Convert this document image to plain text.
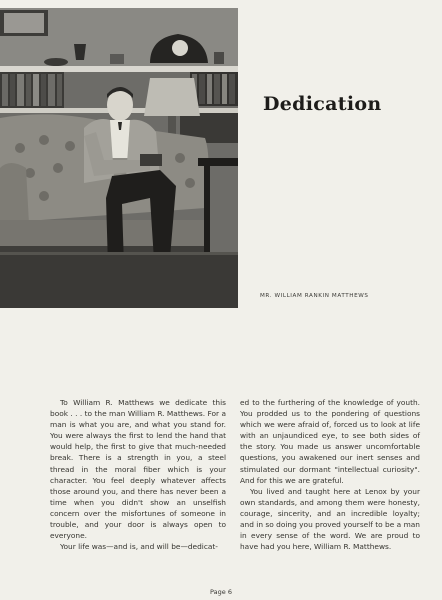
Dedication
MR. WILLIAM RANKIN MATTHEWS

To William R. Matthews we dedicate this book . . . to the man William R. Matthews. For a man is what you are, and what you stand for. You were always the first to lend the hand that would help, the first to give that much-needed break. There is a strength in you, a steel thread in the moral fiber which is your character. You feel deeply whatever affects those around you, and there has never been a time when you didn't show an unselfish concern over the misfortunes of someone in trouble, and your door is always open to everyone.

Your life was—and is, and will be—dedicat-

ed to the furthering of the knowledge of youth. You prodded us to the pondering of questions which we were afraid of, forced us to look at life with an unjaundiced eye, to see both sides of the story. You made us answer uncomfortable questions, you awakened our inert senses and stimulated our dormant "intellectual curiosity". And for this we are grateful.

You lived and taught here at Lenox by your own standards, and among them were honesty, courage, sincerity, and an incredible loyalty; and in so doing you proved yourself to be a man in every sense of the word. We are proud to have had you here, William R. Matthews.

Page 6
